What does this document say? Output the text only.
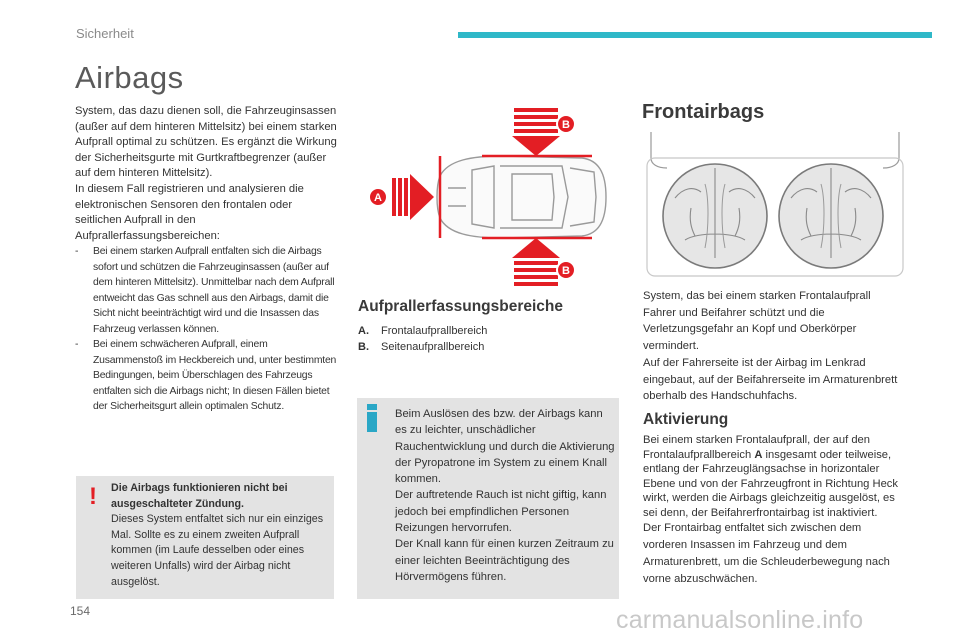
Sicherheit
Airbags

System, das dazu dienen soll, die Fahrzeuginsassen (außer auf dem hinteren Mittelsitz) bei einem starken Aufprall optimal zu schützen. Es ergänzt die Wirkung der Sicherheitsgurte mit Gurtkraftbegrenzer (außer auf dem hinteren Mittelsitz).

In diesem Fall registrieren und analysieren die elektronischen Sensoren den frontalen oder seitlichen Aufprall in den Aufprallerfassungsbereichen:

- Bei einem starken Aufprall entfalten sich die Airbags sofort und schützen die Fahrzeuginsassen (außer auf dem hinteren Mittelsitz). Unmittelbar nach dem Aufprall entweicht das Gas schnell aus den Airbags, damit die Sicht nicht beeinträchtigt wird und die Insassen das Fahrzeug verlassen können.
- Bei einem schwächeren Aufprall, einem Zusammenstoß im Heckbereich und, unter bestimmten Bedingungen, beim Überschlagen des Fahrzeugs entfalten sich die Airbags nicht; In diesen Fällen bietet der Sicherheitsgurt allein optimalen Schutz.
! Die Airbags funktionieren nicht bei ausgeschalteter Zündung.
Dieses System entfaltet sich nur ein einziges Mal. Sollte es zu einem zweiten Aufprall kommen (im Laufe desselben oder eines weiteren Unfalls) wird der Airbag nicht ausgelöst.
A
B
B
Aufprallerfassungsbereiche
A. Frontalaufprallbereich
B. Seitenaufprallbereich

Beim Auslösen des bzw. der Airbags kann es zu leichter, unschädlicher Rauchentwicklung und durch die Aktivierung der Pyropatrone im System zu einem Knall kommen.

Der auftretende Rauch ist nicht giftig, kann jedoch bei empfindlichen Personen Reizungen hervorrufen.

Der Knall kann für einen kurzen Zeitraum zu einer leichten Beeinträchtigung des Hörvermögens führen.

Frontairbags

System, das bei einem starken Frontalaufprall Fahrer und Beifahrer schützt und die Verletzungsgefahr an Kopf und Oberkörper vermindert.

Auf der Fahrerseite ist der Airbag im Lenkrad eingebaut, auf der Beifahrerseite im Armaturenbrett oberhalb des Handschuhfachs.

Aktivierung

Bei einem starken Frontalaufprall, der auf den Frontalaufprallbereich A insgesamt oder teilweise, entlang der Fahrzeuglängsachse in horizontaler Ebene und von der Fahrzeugfront in Richtung Heck wirkt, werden die Airbags gleichzeitig ausgelöst, es sei denn, der Beifahrerfrontairbag ist inaktiviert.

Der Frontairbag entfaltet sich zwischen dem vorderen Insassen im Fahrzeug und dem Armaturenbrett, um die Schleuderbewegung nach vorne abzuschwächen.

154	carmanualsonline.info
